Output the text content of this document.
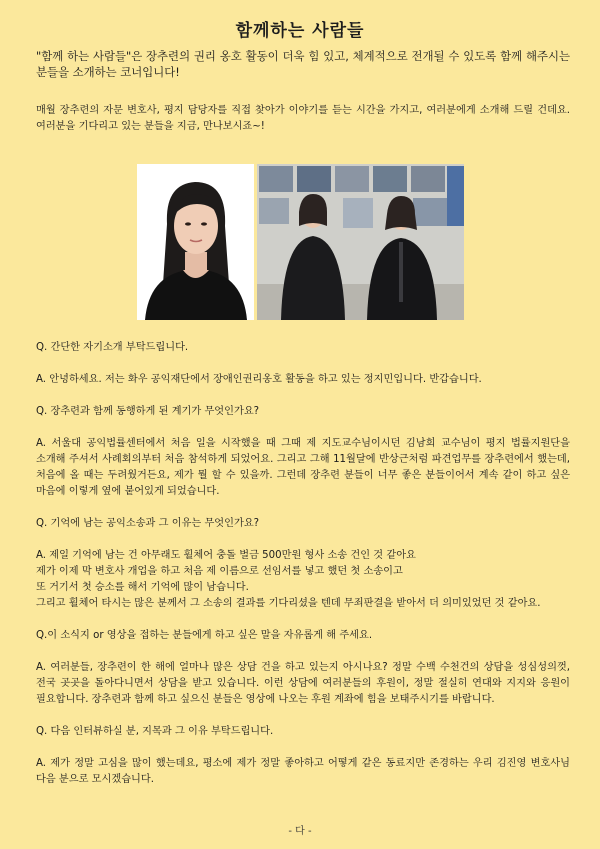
함께하는 사람들
"함께 하는 사람들"은 장추련의 권리 옹호 활동이 더욱 힘 있고, 체계적으로 전개될 수 있도록 함께 해주시는 분들을 소개하는 코너입니다!
매월 장추련의 자문 변호사, 평지 담당자를 직접 찾아가 이야기를 듣는 시간을 가지고, 여러분에게 소개해 드릴 건데요. 여러분을 기다리고 있는 분들을 지금, 만나보시죠~!
Q. 간단한 자기소개 부탁드립니다.
A. 안녕하세요. 저는 화우 공익재단에서 장애인권리옹호 활동을 하고 있는 정지민입니다. 반갑습니다.
Q. 장추련과 함께 동행하게 된 계기가 무엇인가요?
A. 서울대 공익법률센터에서 처음 일을 시작했을 때 그때 제 지도교수님이시던 김남희 교수님이 평지 법률지원단을 소개해 주셔서 사례회의부터 처음 참석하게 되었어요. 그리고 그해 11월달에 반상근처럼 파견업무를 장추련에서 했는데, 처음에 올 때는 두려웠거든요, 제가 뭘 할 수 있을까. 그런데 장추련 분들이 너무 좋은 분들이어서 계속 같이 하고 싶은 마음에 이렇게 옆에 붙어있게 되었습니다.
Q. 기억에 남는 공익소송과 그 이유는 무엇인가요?
A. 제일 기억에 남는 건 아무래도 휠체어 충돌 벌금 500만원 형사 소송 건인 것 같아요
제가 이제 막 변호사 개업을 하고 처음 제 이름으로 선임서를 넣고 했던 첫 소송이고
또 거기서 첫 승소를 해서 기억에 많이 남습니다.
그리고 휠체어 타시는 많은 분께서 그 소송의 결과를 기다리셨을 텐데 무죄판결을 받아서 더 의미있었던 것 같아요.
Q.이 소식지 or 영상을 접하는 분들에게 하고 싶은 말을 자유롭게 해 주세요.
A. 여러분들, 장추련이 한 해에 얼마나 많은 상담 건을 하고 있는지 아시나요? 정말 수백 수천건의 상담을 성심성의껏, 전국 곳곳을 돌아다니면서 상담을 받고 있습니다. 이런 상담에 여러분들의 후원이, 정말 절실히 연대와 지지와 응원이 필요합니다. 장추련과 함께 하고 싶으신 분들은 영상에 나오는 후원 계좌에 힘을 보태주시기를 바랍니다.
Q. 다음 인터뷰하실 분, 지목과 그 이유 부탁드립니다.
A. 제가 정말 고심을 많이 했는데요, 평소에 제가 정말 좋아하고 어떻게 같은 동료지만 존경하는 우리 김진영 변호사님 다음 분으로 모시겠습니다.
- 다 -
